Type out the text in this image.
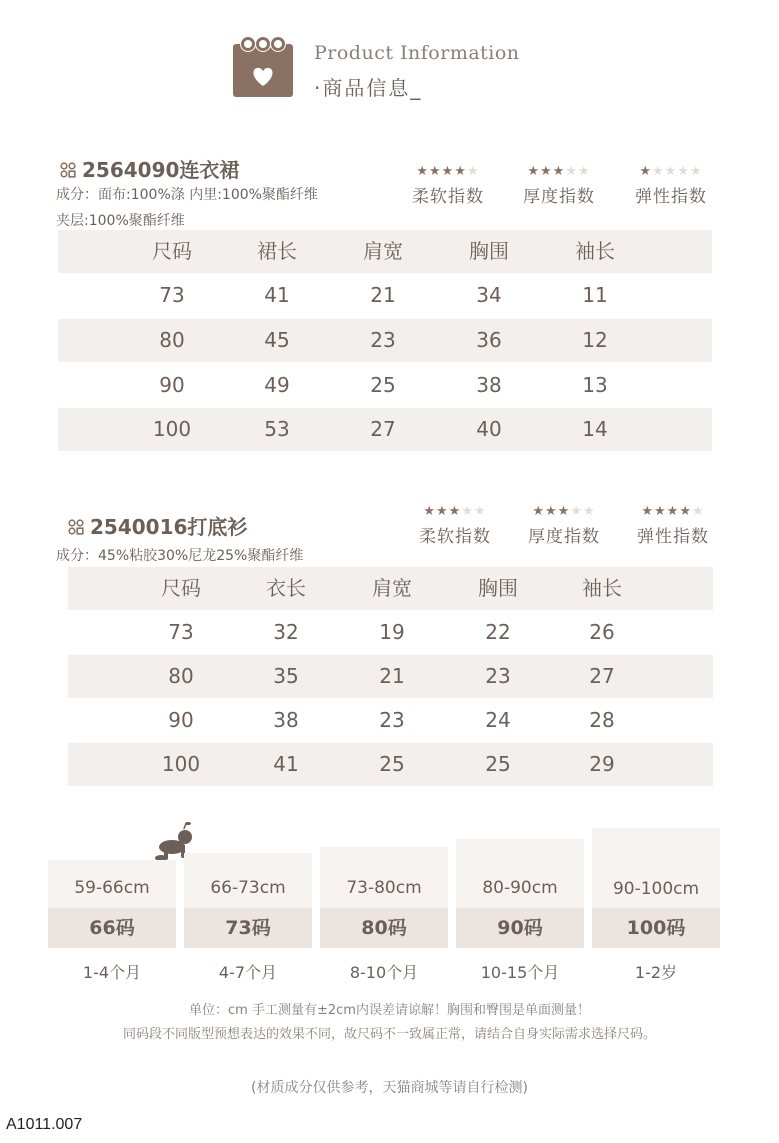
Product Information
·商品信息_
2564090连衣裙
成分：面布:100%涤 内里:100%聚酯纤维
夹层:100%聚酯纤维
★★★★★
柔软指数
★★★★★
厚度指数
★★★★★
弹性指数
尺码	裙长	肩宽	胸围	袖长
73	41	21	34	11
80	45	23	36	12
90	49	25	38	13
100	53	27	40	14
2540016打底衫
成分：45%粘胶30%尼龙25%聚酯纤维
★★★★★
柔软指数
★★★★★
厚度指数
★★★★★
弹性指数
尺码	衣长	肩宽	胸围	袖长
73	32	19	22	26
80	35	21	23	27
90	38	23	24	28
100	41	25	25	29
59-66cm
66码
66-73cm
73码
73-80cm
80码
80-90cm
90码
90-100cm
100码
1-4个月	4-7个月	8-10个月	10-15个月	1-2岁
单位：cm 手工测量有±2cm内误差请谅解！胸围和臀围是单面测量！
同码段不同版型预想表达的效果不同，故尺码不一致属正常，请结合自身实际需求选择尺码。
(材质成分仅供参考，天猫商城等请自行检测)
A1011.007
